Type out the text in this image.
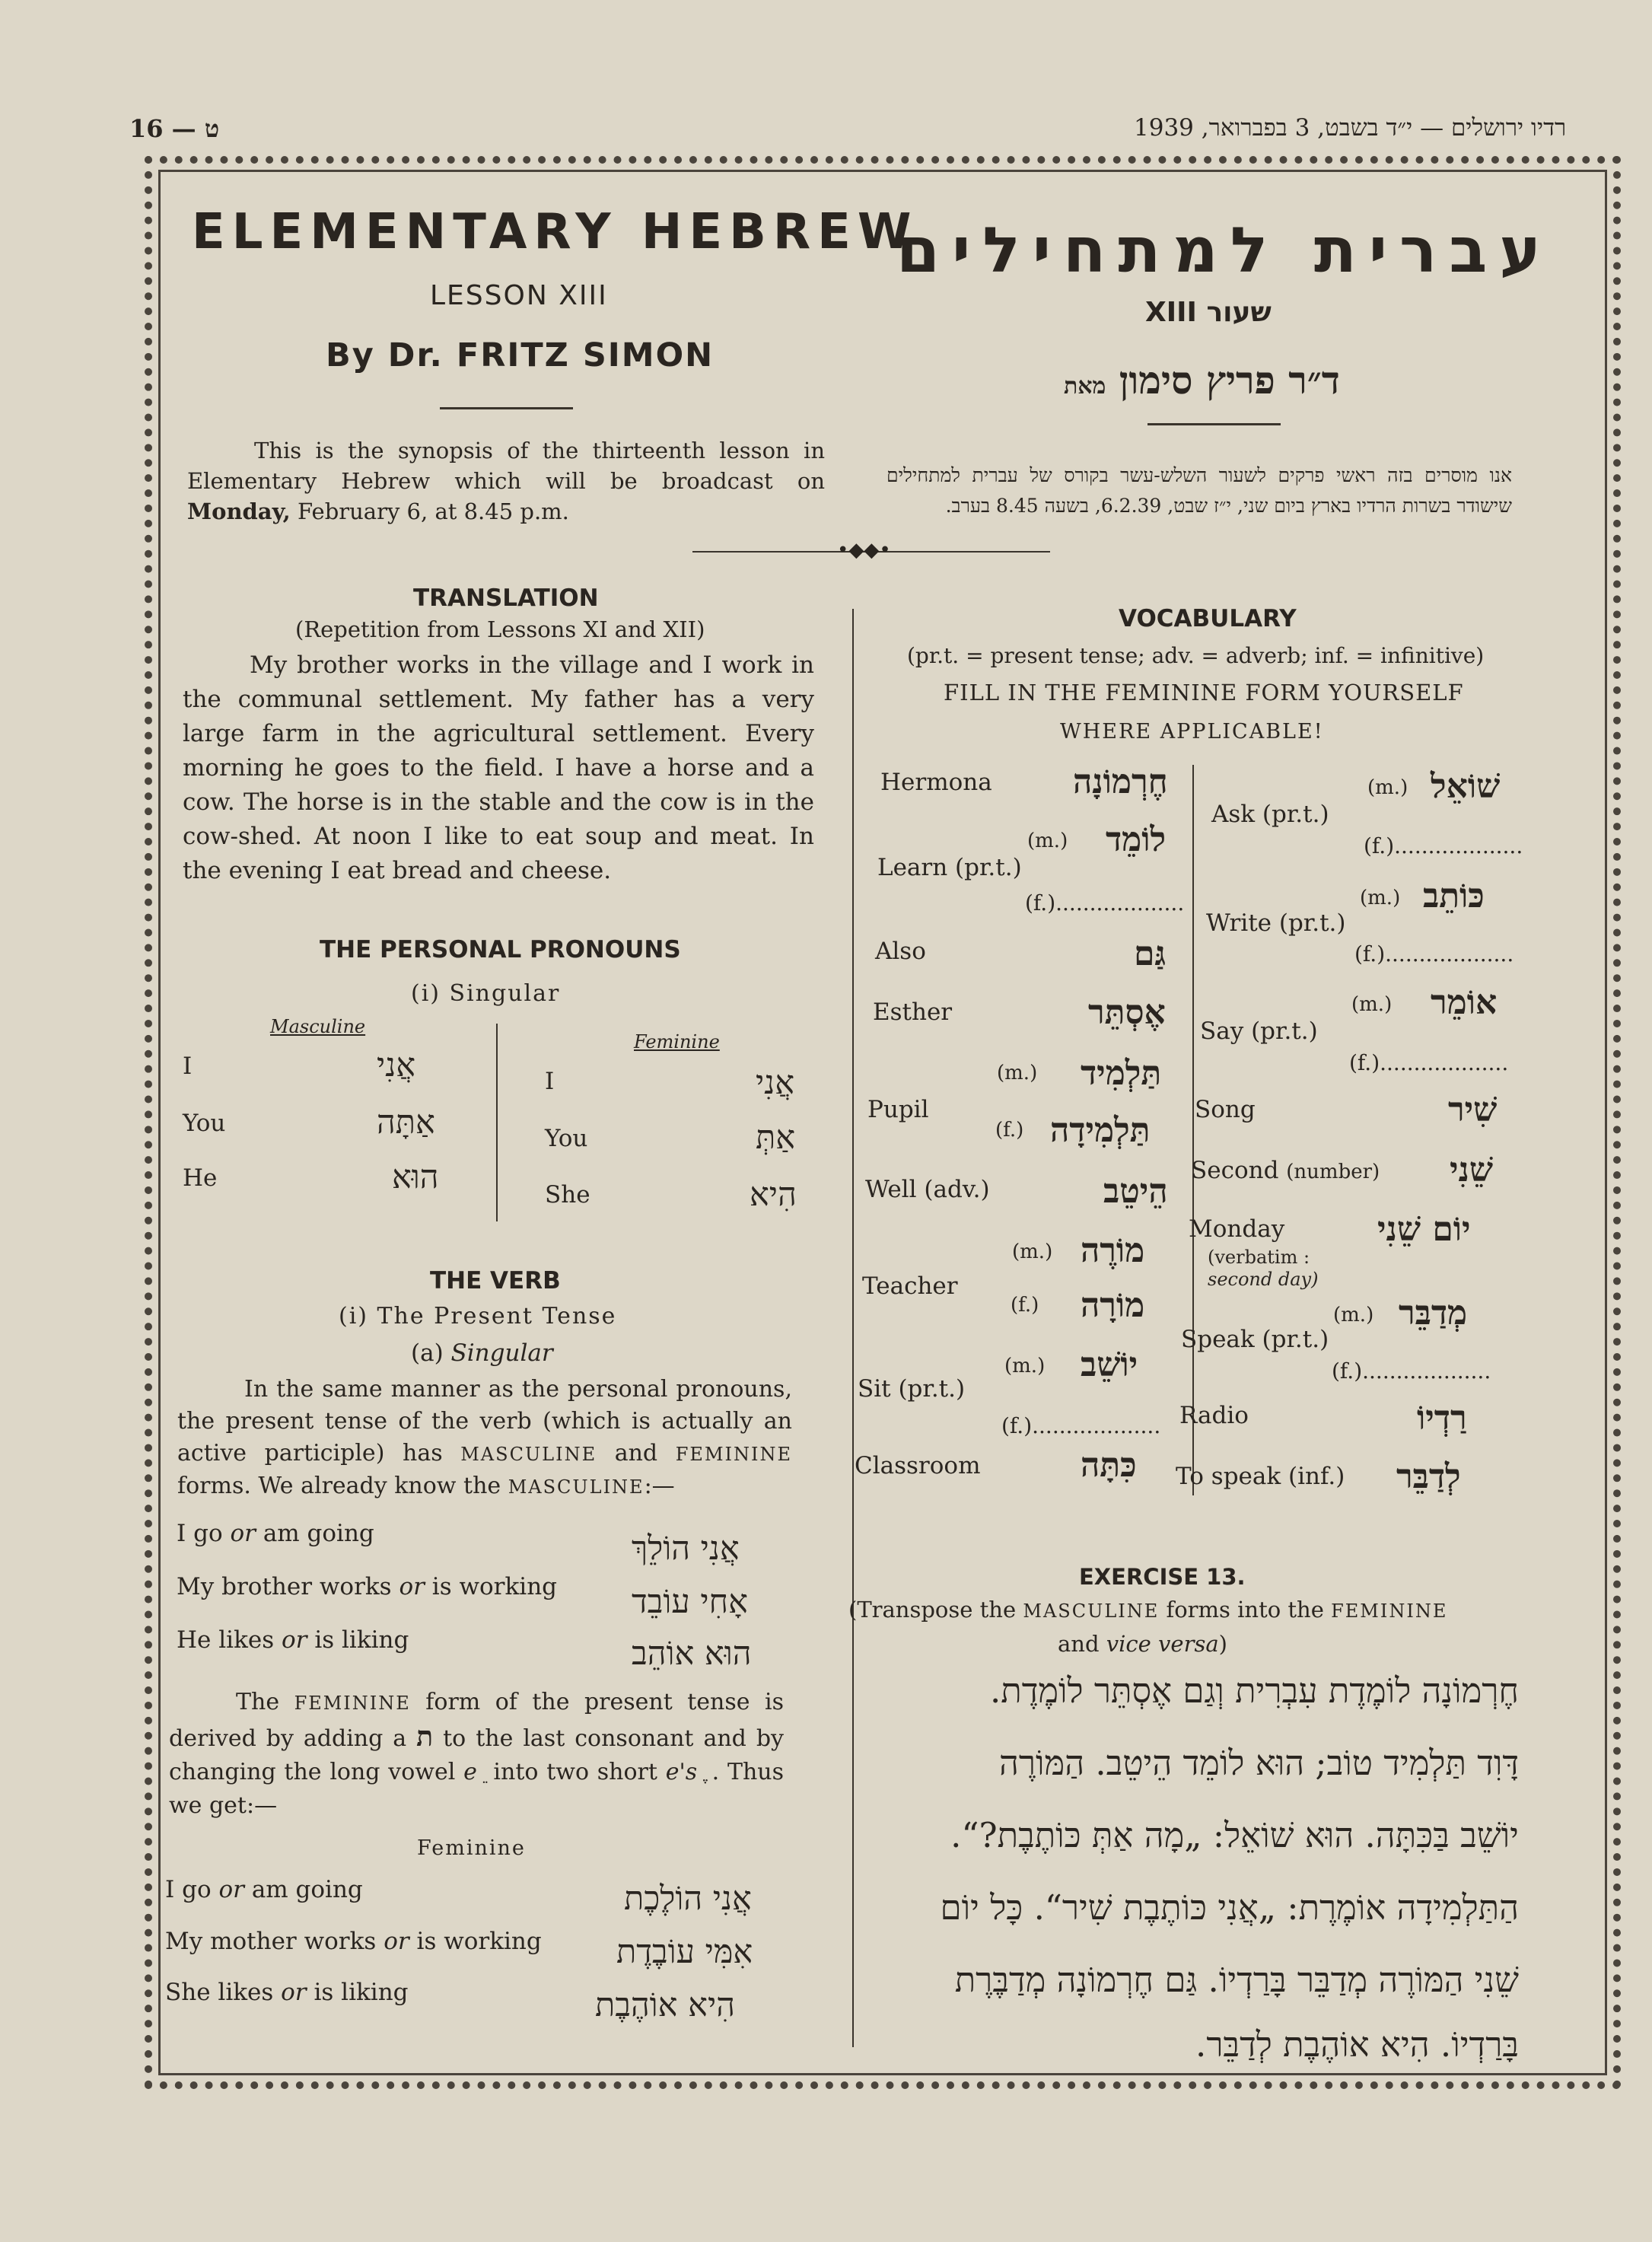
16 — ט	רדיו ירושלים — י״ד בשבט, 3 בפברואר, 1939
ELEMENTARY HEBREW
עברית למתחילים
LESSON XIII
שעור XIII
By Dr. FRITZ SIMON
ד״ר פריץ סימון מאת
This is the synopsis of the thirteenth lesson in Elementary Hebrew which will be broadcast on Monday, February 6, at 8.45 p.m.
אנו מוסרים בזה ראשי פרקים לשעור השלש-עשר בקורס של עברית למתחילים שישודר בשרות הרדיו בארץ ביום שני, י״ז שבט, 6.2.39, בשעה 8.45 בערב.
•◆◆•
TRANSLATION
(Repetition from Lessons XI and XII)
My brother works in the village and I work in the communal settlement. My father has a very large farm in the agricultural settlement. Every morning he goes to the field. I have a horse and a cow. The horse is in the stable and the cow is in the cow-shed. At noon I like to eat soup and meat. In the evening I eat bread and cheese.
THE PERSONAL PRONOUNS
(i) Singular
Masculine
Feminine
I	אֲנִי
You	אַתָּה
He	הוּא
I	אֲנִי
You	אַתְּ
She	הִיא
THE VERB
(i) The Present Tense
(a) Singular
In the same manner as the personal pronouns, the present tense of the verb (which is actually an active participle) has MASCULINE and FEMININE forms. We already know the MASCULINE:—
I go or am going	אֲנִי הוֹלֵךְ
My brother works or is working אָחִי עוֹבֵד
He likes or is liking	הוּא אוֹהֵב
The FEMININE form of the present tense is derived by adding a ת to the last consonant and by changing the long vowel e into two short e's ֶ ֶ. Thus we get:—
Feminine
I go or am going	אֲנִי הוֹלֶכֶת
My mother works or is working אִמִּי עוֹבֶדֶת
She likes or is liking	הִיא אוֹהֶבֶת
VOCABULARY
(pr.t. = present tense; adv. = adverb; inf. = infinitive)
FILL IN THE FEMININE FORM YOURSELF
WHERE APPLICABLE!
Hermona חֶרְמוֹנָה
(m.) לוֹמֵד
Learn (pr.t.)
(f.)...................
Also	גַּם
Esther	אֶסְתֵּר
(m.) תַּלְמִיד
Pupil
(f.) תַּלְמִידָה
Well (adv.)	הֵיטֵב
(m.) מוֹרֶה
Teacher
(f.) מוֹרָה
(m.) יוֹשֵׁב
Sit (pr.t.)
(f.)...................
Classroom	כִּתָּה
(m.) שׁוֹאֵל
Ask (pr.t.)
(f.)...................
(m.) כּוֹתֵב
Write (pr.t.)
(f.)...................
(m.) אוֹמֵר
Say (pr.t.)
(f.)...................
Song	שִׁיר
Second (number) שֵׁנִי
Monday
(verbatim :
second day)
יוֹם שֵׁנִי
(m.) מְדַבֵּר
Speak (pr.t.)
(f.)...................
Radio	רַדְיוֹ
To speak (inf.) לְדַבֵּר
EXERCISE 13.
(Transpose the MASCULINE forms into the FEMININE
and vice versa)
חֶרְמוֹנָה לוֹמֶדֶת עִבְרִית וְגַם אֶסְתֵּר לוֹמֶדֶת.
דָּוִד תַּלְמִיד טוֹב; הוּא לוֹמֵד הֵיטֵב. הַמּוֹרֶה
יוֹשֵׁב בַּכִּתָּה. הוּא שׁוֹאֵל: „מָה אַתְּ כּוֹתֶבֶת?“.
הַתַּלְמִידָה אוֹמֶרֶת: „אֲנִי כּוֹתֶבֶת שִׁיר“. כָּל יוֹם
שֵׁנִי הַמּוֹרֶה מְדַבֵּר בָּרַדְיוֹ. גַּם חֶרְמוֹנָה מְדַבֶּרֶת
בָּרַדְיוֹ. הִיא אוֹהֶבֶת לְדַבֵּר.
